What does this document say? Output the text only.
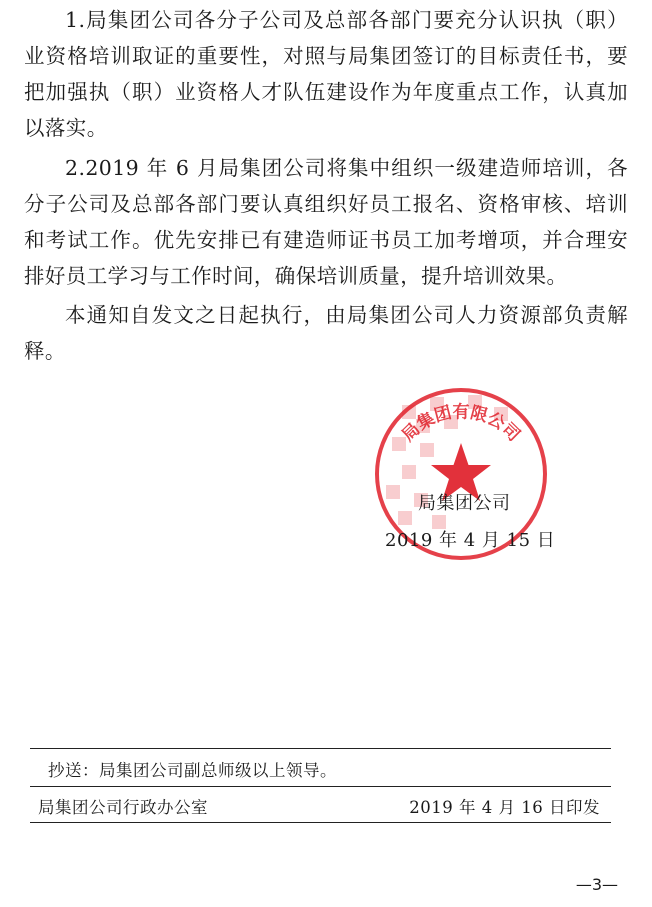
1.局集团公司各分子公司及总部各部门要充分认识执（职）业资格培训取证的重要性，对照与局集团签订的目标责任书，要把加强执（职）业资格人才队伍建设作为年度重点工作，认真加以落实。

2.2019 年 6 月局集团公司将集中组织一级建造师培训，各分子公司及总部各部门要认真组织好员工报名、资格审核、培训和考试工作。优先安排已有建造师证书员工加考增项，并合理安排好员工学习与工作时间，确保培训质量，提升培训效果。

本通知自发文之日起执行，由局集团公司人力资源部负责解释。

局集团有限公司
局集团公司
2019 年 4 月 15 日
抄送：局集团公司副总师级以上领导。
局集团公司行政办公室	2019 年 4 月 16 日印发
—3—
